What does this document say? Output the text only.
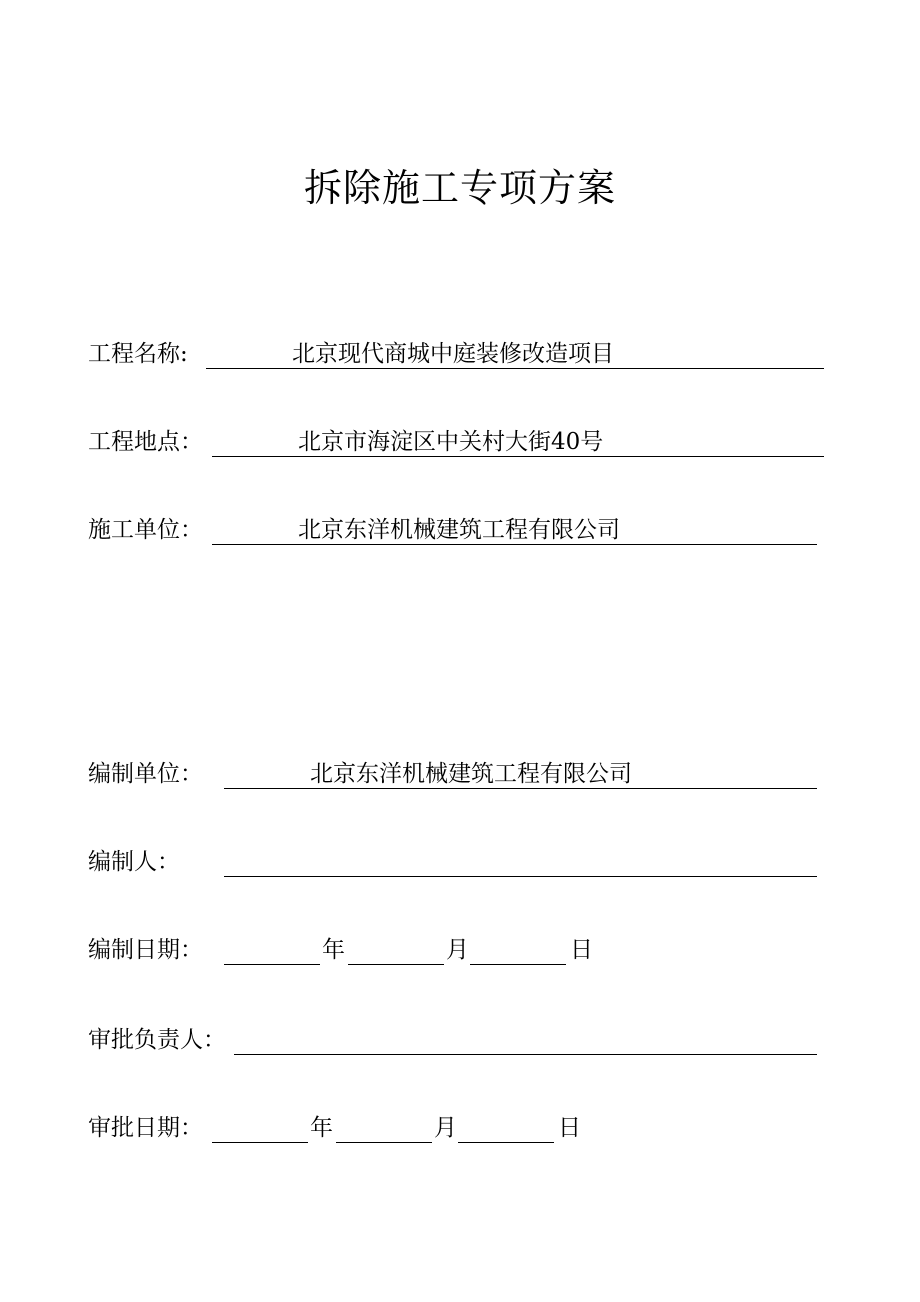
拆除施工专项方案
工程名称:	北京现代商城中庭装修改造项目
工程地点：	北京市海淀区中关村大街40号
施工单位：	北京东洋机械建筑工程有限公司
编制单位：	北京东洋机械建筑工程有限公司
编制人：
编制日期：	年	月	日
审批负责人：
审批日期：	年	月	日
